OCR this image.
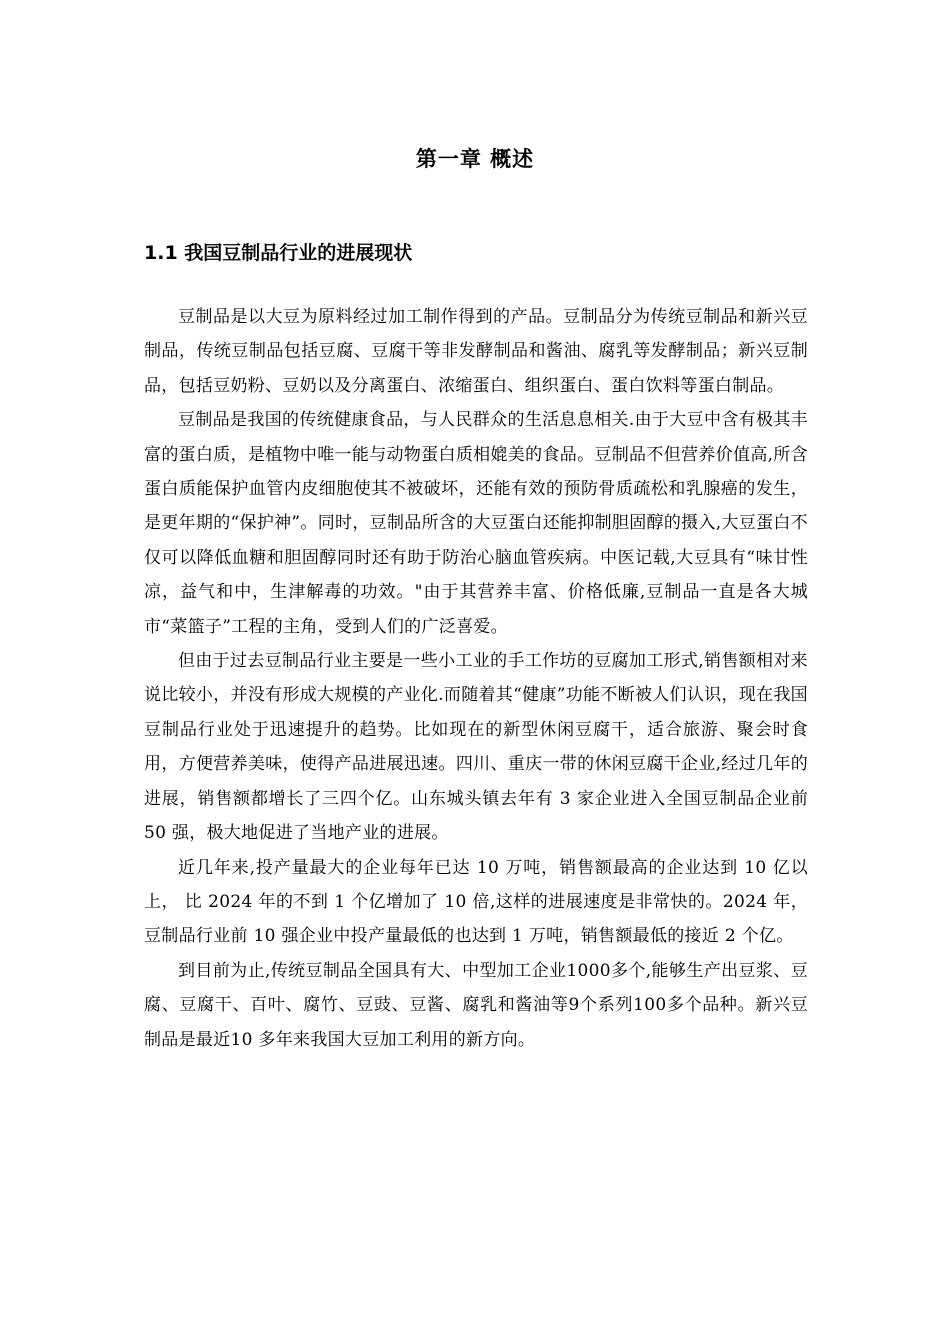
第一章 概述
1.1 我国豆制品行业的进展现状

豆制品是以大豆为原料经过加工制作得到的产品。豆制品分为传统豆制品和新兴豆制品，传统豆制品包括豆腐、豆腐干等非发酵制品和酱油、腐乳等发酵制品；新兴豆制品，包括豆奶粉、豆奶以及分离蛋白、浓缩蛋白、组织蛋白、蛋白饮料等蛋白制品。

豆制品是我国的传统健康食品，与人民群众的生活息息相关.由于大豆中含有极其丰富的蛋白质，是植物中唯一能与动物蛋白质相媲美的食品。豆制品不但营养价值高,所含蛋白质能保护血管内皮细胞使其不被破坏，还能有效的预防骨质疏松和乳腺癌的发生，是更年期的“保护神”。同时，豆制品所含的大豆蛋白还能抑制胆固醇的摄入,大豆蛋白不仅可以降低血糖和胆固醇同时还有助于防治心脑血管疾病。中医记载,大豆具有“味甘性凉，益气和中，生津解毒的功效。"由于其营养丰富、价格低廉,豆制品一直是各大城市“菜篮子”工程的主角，受到人们的广泛喜爱。

但由于过去豆制品行业主要是一些小工业的手工作坊的豆腐加工形式,销售额相对来说比较小，并没有形成大规模的产业化.而随着其“健康”功能不断被人们认识，现在我国豆制品行业处于迅速提升的趋势。比如现在的新型休闲豆腐干，适合旅游、聚会时食用，方便营养美味，使得产品进展迅速。四川、重庆一带的休闲豆腐干企业,经过几年的进展，销售额都增长了三四个亿。山东城头镇去年有 3 家企业进入全国豆制品企业前 50 强，极大地促进了当地产业的进展。

近几年来,投产量最大的企业每年已达 10 万吨，销售额最高的企业达到 10 亿以上， 比 2024 年的不到 1 个亿增加了 10 倍,这样的进展速度是非常快的。2024 年，豆制品行业前 10 强企业中投产量最低的也达到 1 万吨，销售额最低的接近 2 个亿。

到目前为止,传统豆制品全国具有大、中型加工企业1000多个,能够生产出豆浆、豆腐、豆腐干、百叶、腐竹、豆豉、豆酱、腐乳和酱油等9个系列100多个品种。新兴豆制品是最近10 多年来我国大豆加工利用的新方向。
